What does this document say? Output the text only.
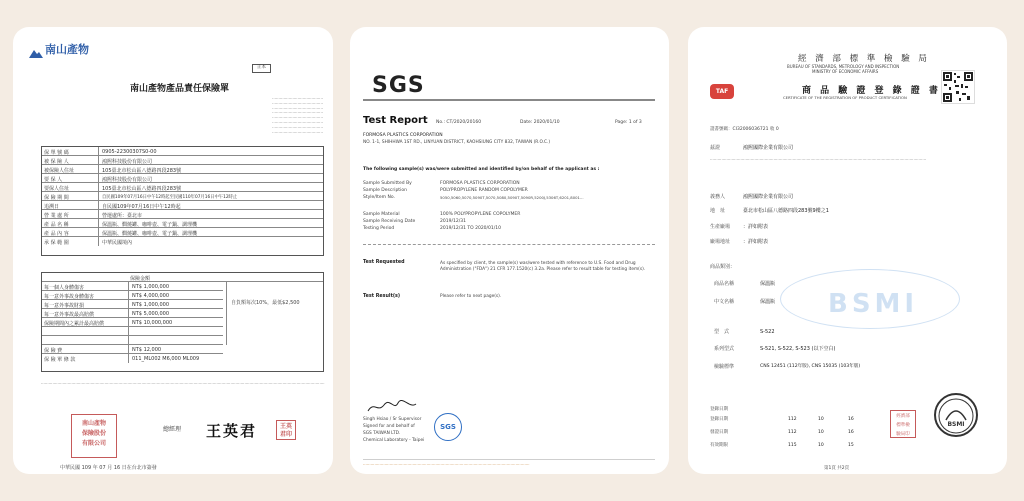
南山產物
正本
南山產物產品責任保險單
········································
········································
········································
········································
········································
········································
········································
········································
保 單 號 碼	0905-22300307S0-00
被 保 險 人	鴻熙科技股份有限公司
被保險人住址	105臺北市松山區八德路四段283號
要 保 人	鴻熙科技股份有限公司
要保人住址	105臺北市松山區八德路四段283號
保 險 期 間	自民國109年07月16日中午12時起至民國110年07月16日中午12時止
追溯日	自民國109年07月16日中午12時起
營 業 處 所	營運處所：臺北市
產 品 名 稱	保溫瓶、燜燒罐、咖啡壺、電子鍋、調理機
產 品 內 容	保溫瓶、燜燒罐、咖啡壺、電子鍋、調理機
承 保 範 圍	中華民國境內
保險金額
每一個人身體傷害	NT$ 1,000,000
每一意外事故身體傷害	NT$ 4,000,000
每一意外事故財損	NT$ 1,000,000
每一意外事故最高賠償	NT$ 5,000,000
保險期間內之累計最高賠償	NT$ 10,000,000
保 險 費	NT$ 12,000
保 險 單 條 款	011_ML002 M6,000 ML009
自負額每次10%，最低$2,500
·······························································································································································································································
南山產物
保險股份
有限公司
總經理 王英君	王英
君印
中華民國 109 年 07 月 16 日在台北市簽發
SGS
Test Report No.: CT/2020/20160	Date: 2020/01/10	Page: 1 of 3
FORMOSA PLASTICS CORPORATION
NO. 1-1, SHIHHWA 1ST RD., LINYUAN DISTRICT, KAOHSIUNG CITY 832, TAIWAN (R.O.C.)
The following sample(s) was/were submitted and identified by/on behalf of the applicant as :
Sample Submitted By	FORMOSA PLASTICS CORPORATION
Sample Description	POLYPROPYLENE RANDOM COPOLYMER
Style/Item No.	5050,5060,5070,5090T,5070,5080,5090T,5090R,5200J,5306T,6201,8001...
Sample Material	100% POLYPROPYLENE COPOLYMER
Sample Receiving Date	2019/12/31
Testing Period	2019/12/31 TO 2020/01/10
Test Requested	As specified by client, the sample(s) was/were tested with reference to U.S. Food and Drug Administration ("FDA") 21 CFR 177.1520(c) 3.2a. Please refer to result table for testing item(s).
Test Result(s)	Please refer to next page(s).
Singh Hsiao / Sr Supervisor
Signed for and behalf of
SGS TAIWAN LTD.
Chemical Laboratory - Taipei
SGS
···································································································································
TAF
經 濟 部 標 準 檢 驗 局
BUREAU OF STANDARDS, METROLOGY AND INSPECTION
MINISTRY OF ECONOMIC AFFAIRS
商 品 驗 證 登 錄 證 書
CERTIFICATE OF THE REGISTRATION OF PRODUCT CERTIFICATION
證書號碼：CI32006036721 收 0
茲證	鴻熙國際企業有限公司
··········································································································································································
義務人	鴻熙國際企業有限公司
地　址	臺北市松山區八德路四段283號9樓之1
生產廠場	：詳如附表
廠場地址	：詳如附表
BSMI
商品類別：
商品名稱	保溫瓶
中文名稱	保溫瓶
型　式	S-522
系列型式	S-521, S-522, S-523 (以下空白)
檢驗標準	CNS 12451 (112年版), CNS 15035 (103年版)
登錄日期
登錄日期	112	10	16
發證日期	112	10	16
有效期限	115	10	15
經濟部
標準檢
驗局印
BSMI
第1頁 共2頁
